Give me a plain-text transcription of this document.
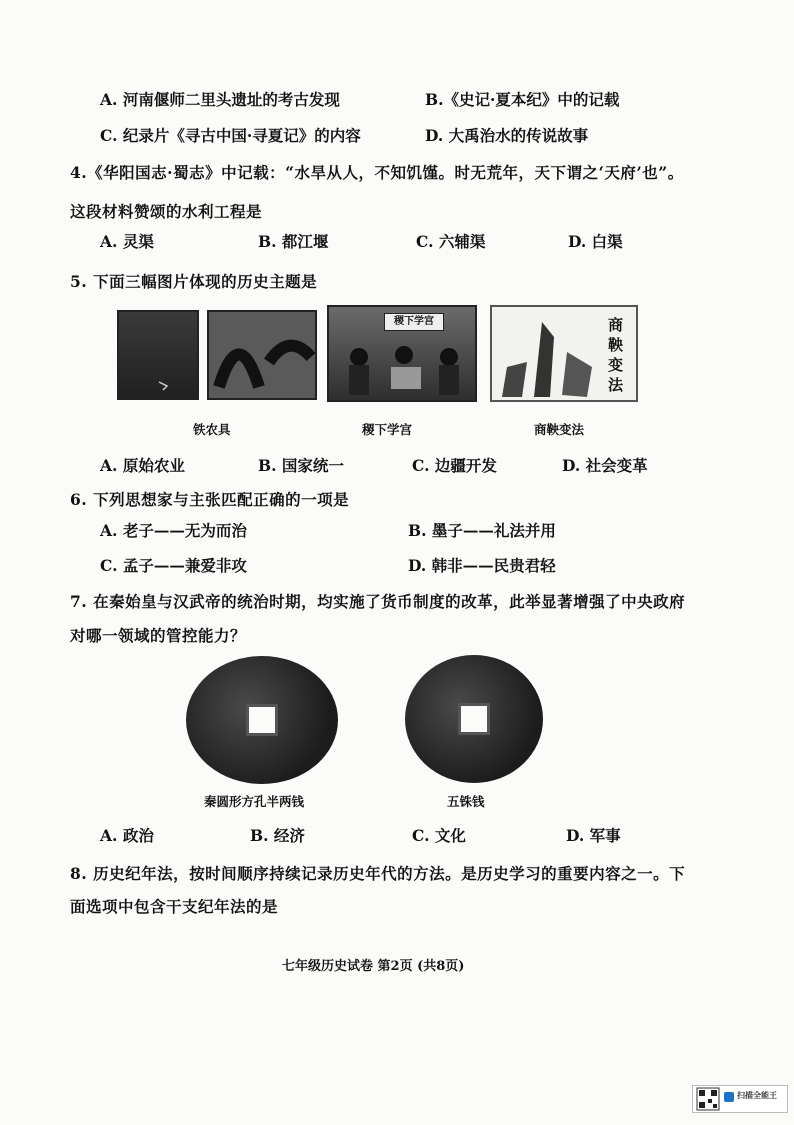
A. 河南偃师二里头遗址的考古发现	B.《史记·夏本纪》中的记载
C. 纪录片《寻古中国·寻夏记》的内容	D. 大禹治水的传说故事
4.《华阳国志·蜀志》中记载：“水旱从人，不知饥馑。时无荒年，天下谓之‘天府’也”。
这段材料赞颂的水利工程是
A. 灵渠	B. 都江堰	C. 六辅渠	D. 白渠
5. 下面三幅图片体现的历史主题是
稷下学宫	商鞅变法
铁农具	稷下学宫	商鞅变法
A. 原始农业	B. 国家统一	C. 边疆开发	D. 社会变革
6. 下列思想家与主张匹配正确的一项是
A. 老子——无为而治	B. 墨子——礼法并用
C. 孟子——兼爱非攻	D. 韩非——民贵君轻
7. 在秦始皇与汉武帝的统治时期，均实施了货币制度的改革，此举显著增强了中央政府
对哪一领域的管控能力？
秦圆形方孔半两钱	五铢钱
A. 政治	B. 经济	C. 文化	D. 军事
8. 历史纪年法，按时间顺序持续记录历史年代的方法。是历史学习的重要内容之一。下
面选项中包含干支纪年法的是
七年级历史试卷 第2页 (共8页)
扫描全能王
